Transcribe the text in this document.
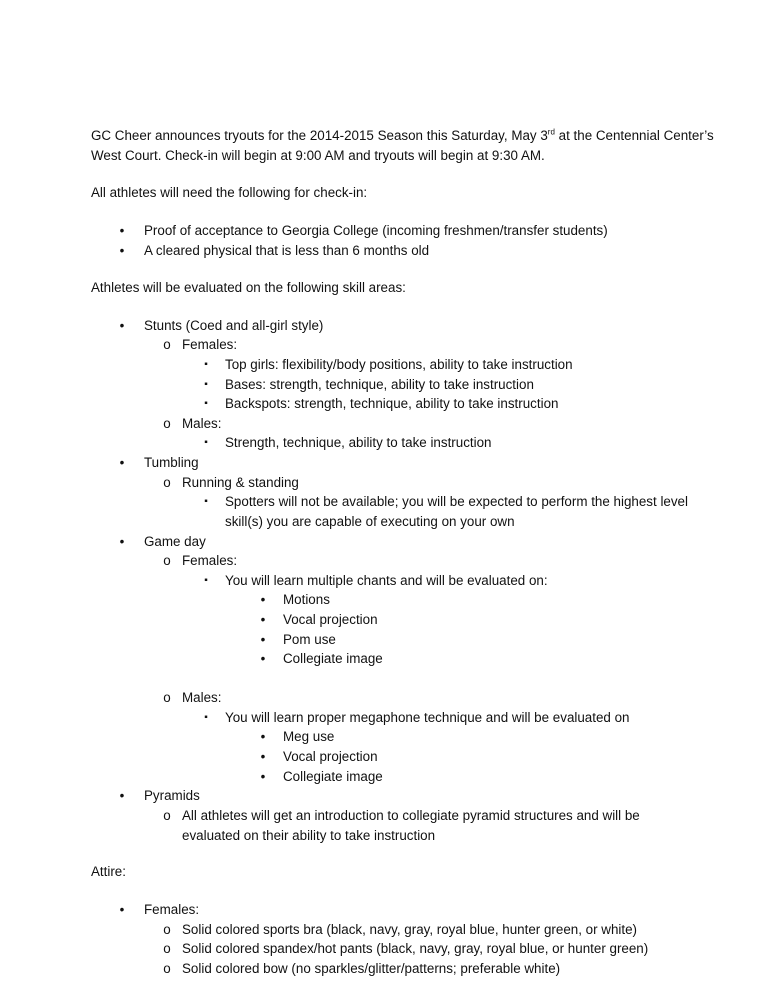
GC Cheer announces tryouts for the 2014-2015 Season this Saturday, May 3rd at the Centennial Center’s
West Court. Check-in will begin at 9:00 AM and tryouts will begin at 9:30 AM.
All athletes will need the following for check-in:
• Proof of acceptance to Georgia College (incoming freshmen/transfer students)
• A cleared physical that is less than 6 months old
Athletes will be evaluated on the following skill areas:
• Stunts (Coed and all-girl style)
o Females:
▪ Top girls: flexibility/body positions, ability to take instruction
▪ Bases: strength, technique, ability to take instruction
▪ Backspots: strength, technique, ability to take instruction
o Males:
▪ Strength, technique, ability to take instruction
• Tumbling
o Running & standing
▪ Spotters will not be available; you will be expected to perform the highest level
skill(s) you are capable of executing on your own
• Game day
o Females:
▪ You will learn multiple chants and will be evaluated on:
• Motions
• Vocal projection
• Pom use
• Collegiate image
o Males:
▪ You will learn proper megaphone technique and will be evaluated on
• Meg use
• Vocal projection
• Collegiate image
• Pyramids
o All athletes will get an introduction to collegiate pyramid structures and will be
evaluated on their ability to take instruction
Attire:
• Females:
o Solid colored sports bra (black, navy, gray, royal blue, hunter green, or white)
o Solid colored spandex/hot pants (black, navy, gray, royal blue, or hunter green)
o Solid colored bow (no sparkles/glitter/patterns; preferable white)
